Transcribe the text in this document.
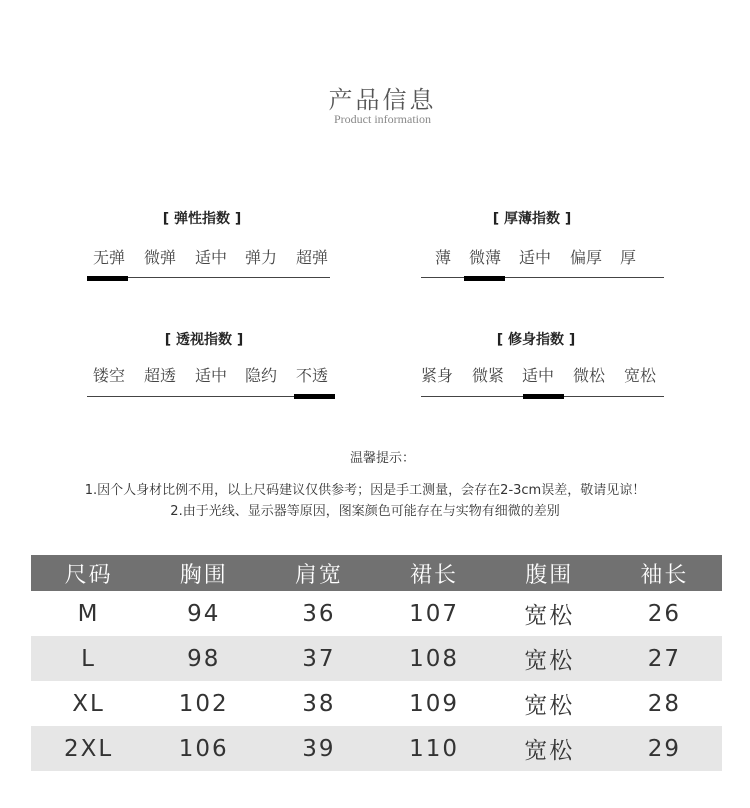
产品信息
Product information
[ 弹性指数 ]
无弹	微弹	适中	弹力	超弹
[ 厚薄指数 ]
薄	微薄	适中	偏厚	厚
[ 透视指数 ]
镂空	超透	适中	隐约	不透
[ 修身指数 ]
紧身	微紧	适中	微松	宽松
温馨提示：
1.因个人身材比例不用，以上尺码建议仅供参考；因是手工测量，会存在2-3cm误差，敬请见谅！
2.由于光线、显示器等原因，图案颜色可能存在与实物有细微的差别
尺码	胸围	肩宽	裙长	腹围	袖长
M	94	36	107	宽松	26
L	98	37	108	宽松	27
XL	102	38	109	宽松	28
2XL	106	39	110	宽松	29
